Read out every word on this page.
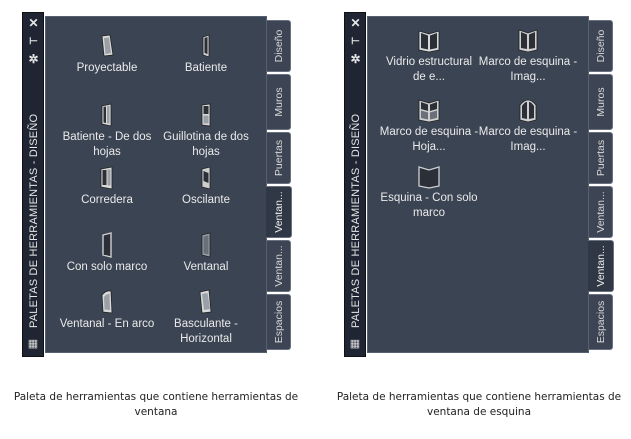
✕
⊢
✲
PALETAS DE HERRAMIENTAS - DISEÑO
▦
Proyectable	Batiente
Batiente - De dos hojas
Guillotina de dos hojas
Corredera	Oscilante
Con solo marco	Ventanal
Ventanal - En arco	Basculante - Horizontal
Diseño
Muros
Puertas
Ventan...
Ventan...
Espacios
✕
⊢
✲
PALETAS DE HERRAMIENTAS - DISEÑO
▦
Vidrio estructural de e...
Marco de esquina - Imag...
Marco de esquina - Hoja...
Marco de esquina - Imag...
Esquina - Con solo marco
Diseño
Muros
Puertas
Ventan...
Ventan...
Espacios
Paleta de herramientas que contiene herramientas de ventana
Paleta de herramientas que contiene herramientas de ventana de esquina
